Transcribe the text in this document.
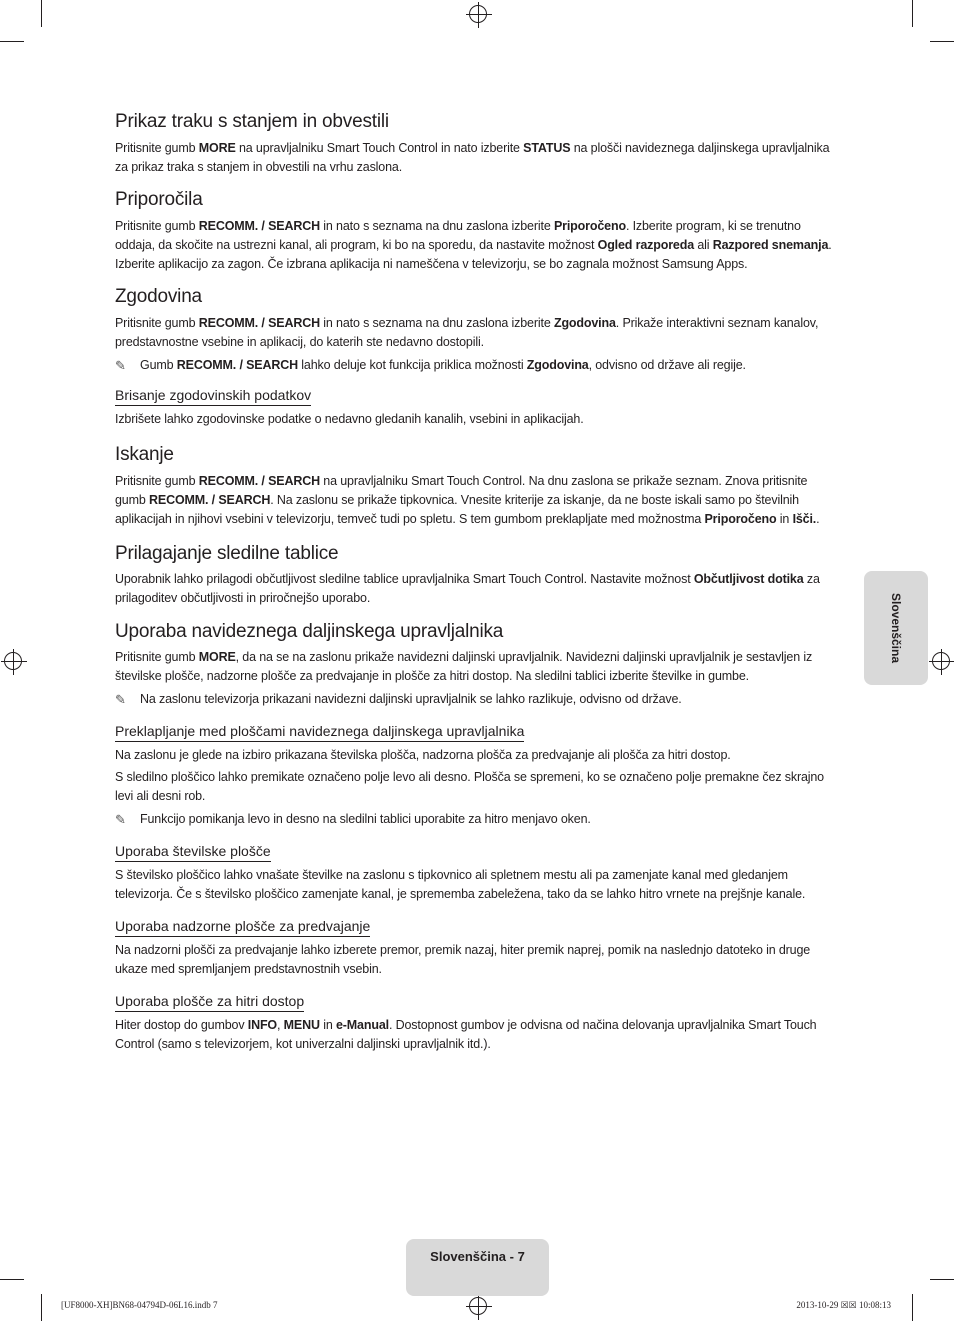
Prikaz traku s stanjem in obvestili

Pritisnite gumb MORE na upravljalniku Smart Touch Control in nato izberite STATUS na plošči navideznega daljinskega upravljalnika za prikaz traka s stanjem in obvestili na vrhu zaslona.

Priporočila

Pritisnite gumb RECOMM. / SEARCH in nato s seznama na dnu zaslona izberite Priporočeno. Izberite program, ki se trenutno oddaja, da skočite na ustrezni kanal, ali program, ki bo na sporedu, da nastavite možnost Ogled razporeda ali Razpored snemanja. Izberite aplikacijo za zagon. Če izbrana aplikacija ni nameščena v televizorju, se bo zagnala možnost Samsung Apps.

Zgodovina

Pritisnite gumb RECOMM. / SEARCH in nato s seznama na dnu zaslona izberite Zgodovina. Prikaže interaktivni seznam kanalov, predstavnostne vsebine in aplikacij, do katerih ste nedavno dostopili.

✎ Gumb RECOMM. / SEARCH lahko deluje kot funkcija priklica možnosti Zgodovina, odvisno od države ali regije.

Brisanje zgodovinskih podatkov

Izbrišete lahko zgodovinske podatke o nedavno gledanih kanalih, vsebini in aplikacijah.

Iskanje

Pritisnite gumb RECOMM. / SEARCH na upravljalniku Smart Touch Control. Na dnu zaslona se prikaže seznam. Znova pritisnite gumb RECOMM. / SEARCH. Na zaslonu se prikaže tipkovnica. Vnesite kriterije za iskanje, da ne boste iskali samo po številnih aplikacijah in njihovi vsebini v televizorju, temveč tudi po spletu. S tem gumbom preklapljate med možnostma Priporočeno in Išči..

Prilagajanje sledilne tablice

Uporabnik lahko prilagodi občutljivost sledilne tablice upravljalnika Smart Touch Control. Nastavite možnost Občutljivost dotika za prilagoditev občutljivosti in priročnejšo uporabo.

Uporaba navideznega daljinskega upravljalnika

Pritisnite gumb MORE, da na se na zaslonu prikaže navidezni daljinski upravljalnik. Navidezni daljinski upravljalnik je sestavljen iz številske plošče, nadzorne plošče za predvajanje in plošče za hitri dostop. Na sledilni tablici izberite številke in gumbe.

✎ Na zaslonu televizorja prikazani navidezni daljinski upravljalnik se lahko razlikuje, odvisno od države.

Preklapljanje med ploščami navideznega daljinskega upravljalnika

Na zaslonu je glede na izbiro prikazana številska plošča, nadzorna plošča za predvajanje ali plošča za hitri dostop.

S sledilno ploščico lahko premikate označeno polje levo ali desno. Plošča se spremeni, ko se označeno polje premakne čez skrajno levi ali desni rob.

✎ Funkcijo pomikanja levo in desno na sledilni tablici uporabite za hitro menjavo oken.

Uporaba številske plošče

S številsko ploščico lahko vnašate številke na zaslonu s tipkovnico ali spletnem mestu ali pa zamenjate kanal med gledanjem televizorja. Če s številsko ploščico zamenjate kanal, je sprememba zabeležena, tako da se lahko hitro vrnete na prejšnje kanale.

Uporaba nadzorne plošče za predvajanje

Na nadzorni plošči za predvajanje lahko izberete premor, premik nazaj, hiter premik naprej, pomik na naslednjo datoteko in druge ukaze med spremljanjem predstavnostnih vsebin.

Uporaba plošče za hitri dostop

Hiter dostop do gumbov INFO, MENU in e-Manual. Dostopnost gumbov je odvisna od načina delovanja upravljalnika Smart Touch Control (samo s televizorjem, kot univerzalni daljinski upravljalnik itd.).

Slovenščina
Slovenščina - 7
[UF8000-XH]BN68-04794D-06L16.indb 7	2013-10-29 ☒☒ 10:08:13
